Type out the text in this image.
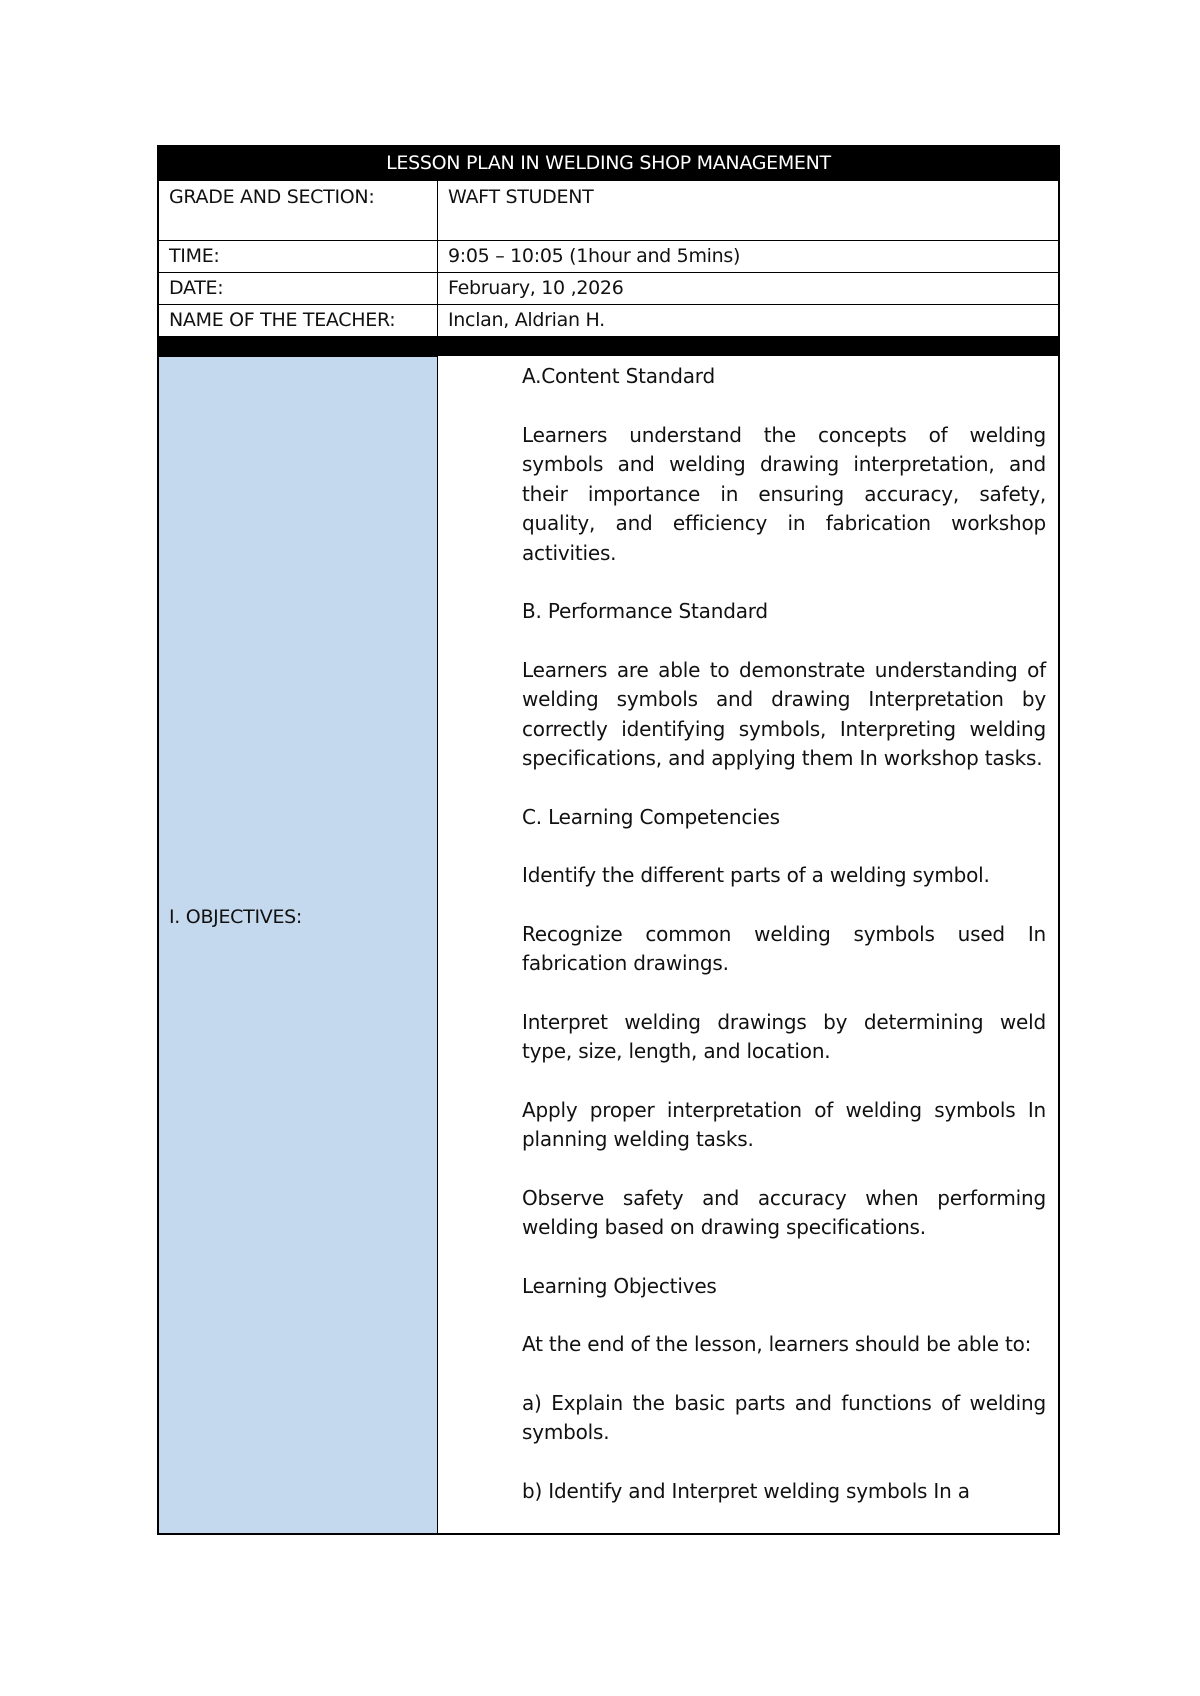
LESSON PLAN IN WELDING SHOP MANAGEMENT
GRADE AND SECTION:	WAFT STUDENT
TIME:	9:05 – 10:05 (1hour and 5mins)
DATE:	February, 10 ,2026
NAME OF THE TEACHER:	Inclan, Aldrian H.
I. OBJECTIVES:

A.Content Standard

Learners understand the concepts of welding symbols and welding drawing interpretation, and their importance in ensuring accuracy, safety, quality, and efficiency in fabrication workshop activities.

B. Performance Standard

Learners are able to demonstrate understanding of welding symbols and drawing Interpretation by correctly identifying symbols, Interpreting welding specifications, and applying them In workshop tasks.

C. Learning Competencies

Identify the different parts of a welding symbol.

Recognize common welding symbols used In fabrication drawings.

Interpret welding drawings by determining weld type, size, length, and location.

Apply proper interpretation of welding symbols In planning welding tasks.

Observe safety and accuracy when performing welding based on drawing specifications.

Learning Objectives

At the end of the lesson, learners should be able to:

a) Explain the basic parts and functions of welding symbols.

b) Identify and Interpret welding symbols In a
